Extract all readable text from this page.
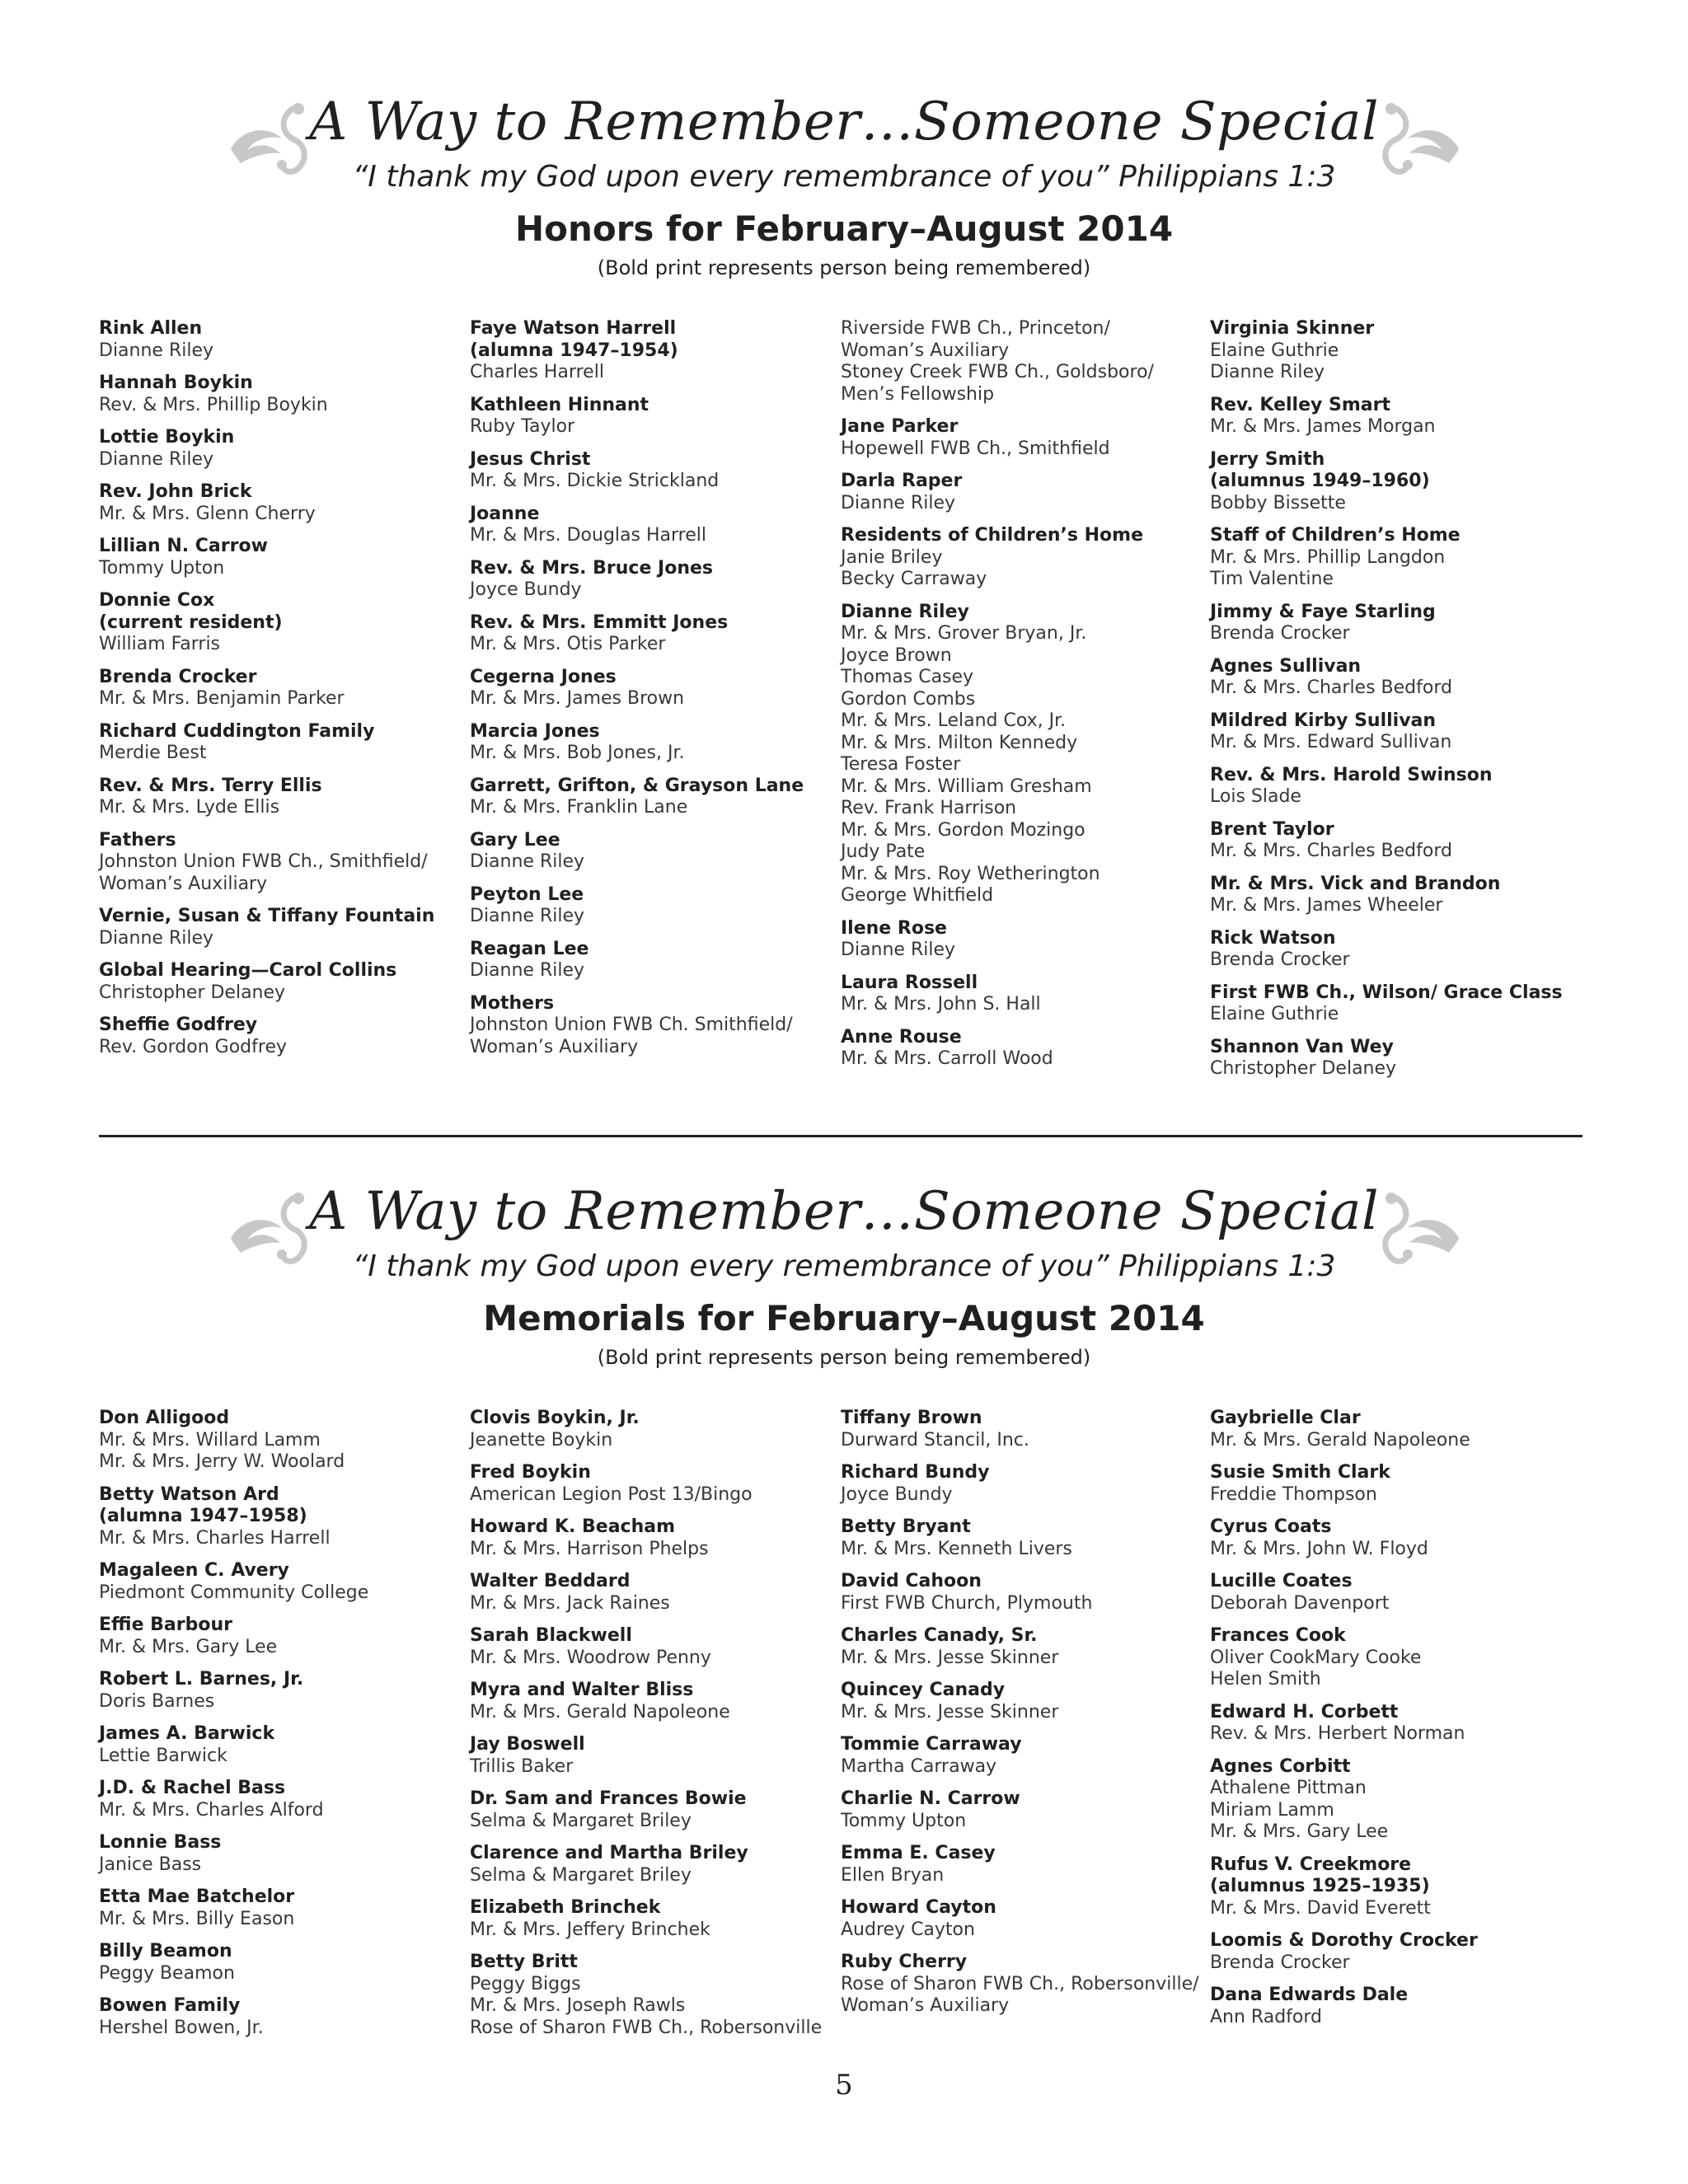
A Way to Remember…Someone Special
“I thank my God upon every remembrance of you” Philippians 1:3
Honors for February–August 2014
(Bold print represents person being remembered)
Rink Allen
Dianne Riley
Hannah Boykin
Rev. & Mrs. Phillip Boykin
Lottie Boykin
Dianne Riley
Rev. John Brick
Mr. & Mrs. Glenn Cherry
Lillian N. Carrow
Tommy Upton
Donnie Cox
(current resident)
William Farris
Brenda Crocker
Mr. & Mrs. Benjamin Parker
Richard Cuddington Family
Merdie Best
Rev. & Mrs. Terry Ellis
Mr. & Mrs. Lyde Ellis
Fathers
Johnston Union FWB Ch., Smithfield/
Woman’s Auxiliary
Vernie, Susan & Tiffany Fountain
Dianne Riley
Global Hearing—Carol Collins
Christopher Delaney
Sheffie Godfrey
Rev. Gordon Godfrey
Faye Watson Harrell
(alumna 1947–1954)
Charles Harrell
Kathleen Hinnant
Ruby Taylor
Jesus Christ
Mr. & Mrs. Dickie Strickland
Joanne
Mr. & Mrs. Douglas Harrell
Rev. & Mrs. Bruce Jones
Joyce Bundy
Rev. & Mrs. Emmitt Jones
Mr. & Mrs. Otis Parker
Cegerna Jones
Mr. & Mrs. James Brown
Marcia Jones
Mr. & Mrs. Bob Jones, Jr.
Garrett, Grifton, & Grayson Lane
Mr. & Mrs. Franklin Lane
Gary Lee
Dianne Riley
Peyton Lee
Dianne Riley
Reagan Lee
Dianne Riley
Mothers
Johnston Union FWB Ch. Smithfield/
Woman’s Auxiliary
Riverside FWB Ch., Princeton/
Woman’s Auxiliary
Stoney Creek FWB Ch., Goldsboro/
Men’s Fellowship
Jane Parker
Hopewell FWB Ch., Smithfield
Darla Raper
Dianne Riley
Residents of Children’s Home
Janie Briley
Becky Carraway
Dianne Riley
Mr. & Mrs. Grover Bryan, Jr.
Joyce Brown
Thomas Casey
Gordon Combs
Mr. & Mrs. Leland Cox, Jr.
Mr. & Mrs. Milton Kennedy
Teresa Foster
Mr. & Mrs. William Gresham
Rev. Frank Harrison
Mr. & Mrs. Gordon Mozingo
Judy Pate
Mr. & Mrs. Roy Wetherington
George Whitfield
Ilene Rose
Dianne Riley
Laura Rossell
Mr. & Mrs. John S. Hall
Anne Rouse
Mr. & Mrs. Carroll Wood
Virginia Skinner
Elaine Guthrie
Dianne Riley
Rev. Kelley Smart
Mr. & Mrs. James Morgan
Jerry Smith
(alumnus 1949–1960)
Bobby Bissette
Staff of Children’s Home
Mr. & Mrs. Phillip Langdon
Tim Valentine
Jimmy & Faye Starling
Brenda Crocker
Agnes Sullivan
Mr. & Mrs. Charles Bedford
Mildred Kirby Sullivan
Mr. & Mrs. Edward Sullivan
Rev. & Mrs. Harold Swinson
Lois Slade
Brent Taylor
Mr. & Mrs. Charles Bedford
Mr. & Mrs. Vick and Brandon
Mr. & Mrs. James Wheeler
Rick Watson
Brenda Crocker
First FWB Ch., Wilson/ Grace Class
Elaine Guthrie
Shannon Van Wey
Christopher Delaney
A Way to Remember…Someone Special
“I thank my God upon every remembrance of you” Philippians 1:3
Memorials for February–August 2014
(Bold print represents person being remembered)
Don Alligood
Mr. & Mrs. Willard Lamm
Mr. & Mrs. Jerry W. Woolard
Betty Watson Ard
(alumna 1947–1958)
Mr. & Mrs. Charles Harrell
Magaleen C. Avery
Piedmont Community College
Effie Barbour
Mr. & Mrs. Gary Lee
Robert L. Barnes, Jr.
Doris Barnes
James A. Barwick
Lettie Barwick
J.D. & Rachel Bass
Mr. & Mrs. Charles Alford
Lonnie Bass
Janice Bass
Etta Mae Batchelor
Mr. & Mrs. Billy Eason
Billy Beamon
Peggy Beamon
Bowen Family
Hershel Bowen, Jr.
Clovis Boykin, Jr.
Jeanette Boykin
Fred Boykin
American Legion Post 13/Bingo
Howard K. Beacham
Mr. & Mrs. Harrison Phelps
Walter Beddard
Mr. & Mrs. Jack Raines
Sarah Blackwell
Mr. & Mrs. Woodrow Penny
Myra and Walter Bliss
Mr. & Mrs. Gerald Napoleone
Jay Boswell
Trillis Baker
Dr. Sam and Frances Bowie
Selma & Margaret Briley
Clarence and Martha Briley
Selma & Margaret Briley
Elizabeth Brinchek
Mr. & Mrs. Jeffery Brinchek
Betty Britt
Peggy Biggs
Mr. & Mrs. Joseph Rawls
Rose of Sharon FWB Ch., Robersonville
Tiffany Brown
Durward Stancil, Inc.
Richard Bundy
Joyce Bundy
Betty Bryant
Mr. & Mrs. Kenneth Livers
David Cahoon
First FWB Church, Plymouth
Charles Canady, Sr.
Mr. & Mrs. Jesse Skinner
Quincey Canady
Mr. & Mrs. Jesse Skinner
Tommie Carraway
Martha Carraway
Charlie N. Carrow
Tommy Upton
Emma E. Casey
Ellen Bryan
Howard Cayton
Audrey Cayton
Ruby Cherry
Rose of Sharon FWB Ch., Robersonville/
Woman’s Auxiliary
Gaybrielle Clar
Mr. & Mrs. Gerald Napoleone
Susie Smith Clark
Freddie Thompson
Cyrus Coats
Mr. & Mrs. John W. Floyd
Lucille Coates
Deborah Davenport
Frances Cook
Oliver CookMary Cooke
Helen Smith
Edward H. Corbett
Rev. & Mrs. Herbert Norman
Agnes Corbitt
Athalene Pittman
Miriam Lamm
Mr. & Mrs. Gary Lee
Rufus V. Creekmore
(alumnus 1925–1935)
Mr. & Mrs. David Everett
Loomis & Dorothy Crocker
Brenda Crocker
Dana Edwards Dale
Ann Radford
5
